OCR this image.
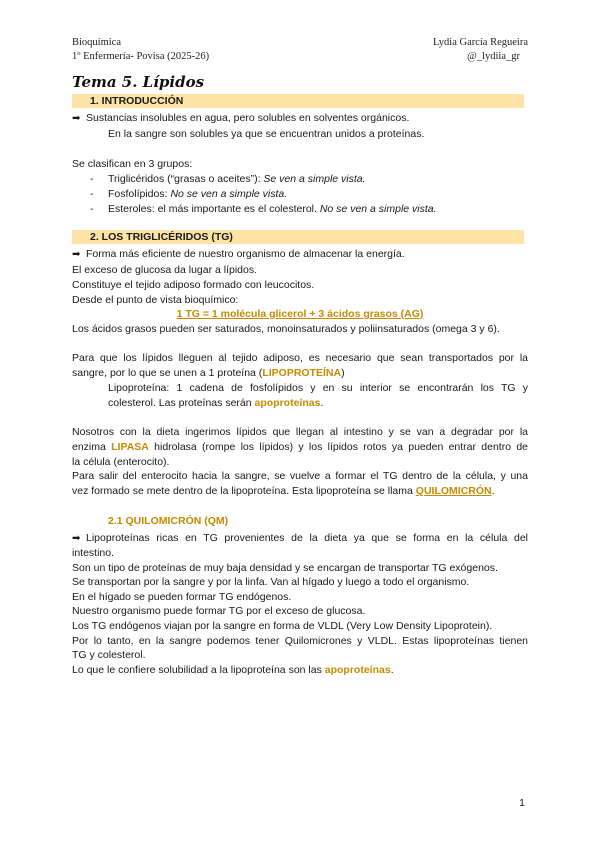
Bioquímica
1º Enfermería- Povisa (2025-26)
Lydia García Regueira
@_lydiia_gr
Tema 5. Lípidos
1. INTRODUCCIÓN
➡ Sustancias insolubles en agua, pero solubles en solventes orgánicos.
En la sangre son solubles ya que se encuentran unidos a proteínas.
Se clasifican en 3 grupos:
- Triglicéridos (“grasas o aceites”): Se ven a simple vista.
- Fosfolípidos: No se ven a simple vista.
- Esteroles: el más importante es el colesterol. No se ven a simple vista.
2. LOS TRIGLICÉRIDOS (TG)
➡ Forma más eficiente de nuestro organismo de almacenar la energía.
El exceso de glucosa da lugar a lípidos.
Constituye el tejido adiposo formado con leucocitos.
Desde el punto de vista bioquímico:
1 TG = 1 molécula glicerol + 3 ácidos grasos (AG)
Los ácidos grasos pueden ser saturados, monoinsaturados y poliinsaturados (omega 3 y 6).
Para que los lípidos lleguen al tejido adiposo, es necesario que sean transportados por la
sangre, por lo que se unen a 1 proteína (LIPOPROTEÍNA)
Lipoproteína: 1 cadena de fosfolípidos y en su interior se encontrarán los TG y
colesterol. Las proteínas serán apoproteínas.
Nosotros con la dieta ingerimos lípidos que llegan al intestino y se van a degradar por la
enzima LIPASA hidrolasa (rompe los lípidos) y los lípidos rotos ya pueden entrar dentro de
la célula (enterocito).
Para salir del enterocito hacia la sangre, se vuelve a formar el TG dentro de la célula, y una
vez formado se mete dentro de la lipoproteína. Esta lipoproteína se llama QUILOMICRÓN.
2.1 QUILOMICRÓN (QM)
➡ Lipoproteínas ricas en TG provenientes de la dieta ya que se forma en la célula del
intestino.
Son un tipo de proteínas de muy baja densidad y se encargan de transportar TG exógenos.
Se transportan por la sangre y por la linfa. Van al hígado y luego a todo el organismo.
En el hígado se pueden formar TG endógenos.
Nuestro organismo puede formar TG por el exceso de glucosa.
Los TG endógenos viajan por la sangre en forma de VLDL (Very Low Density Lipoprotein).
Por lo tanto, en la sangre podemos tener Quilomicrones y VLDL. Estas lipoproteínas tienen
TG y colesterol.
Lo que le confiere solubilidad a la lipoproteína son las apoproteínas.
1
